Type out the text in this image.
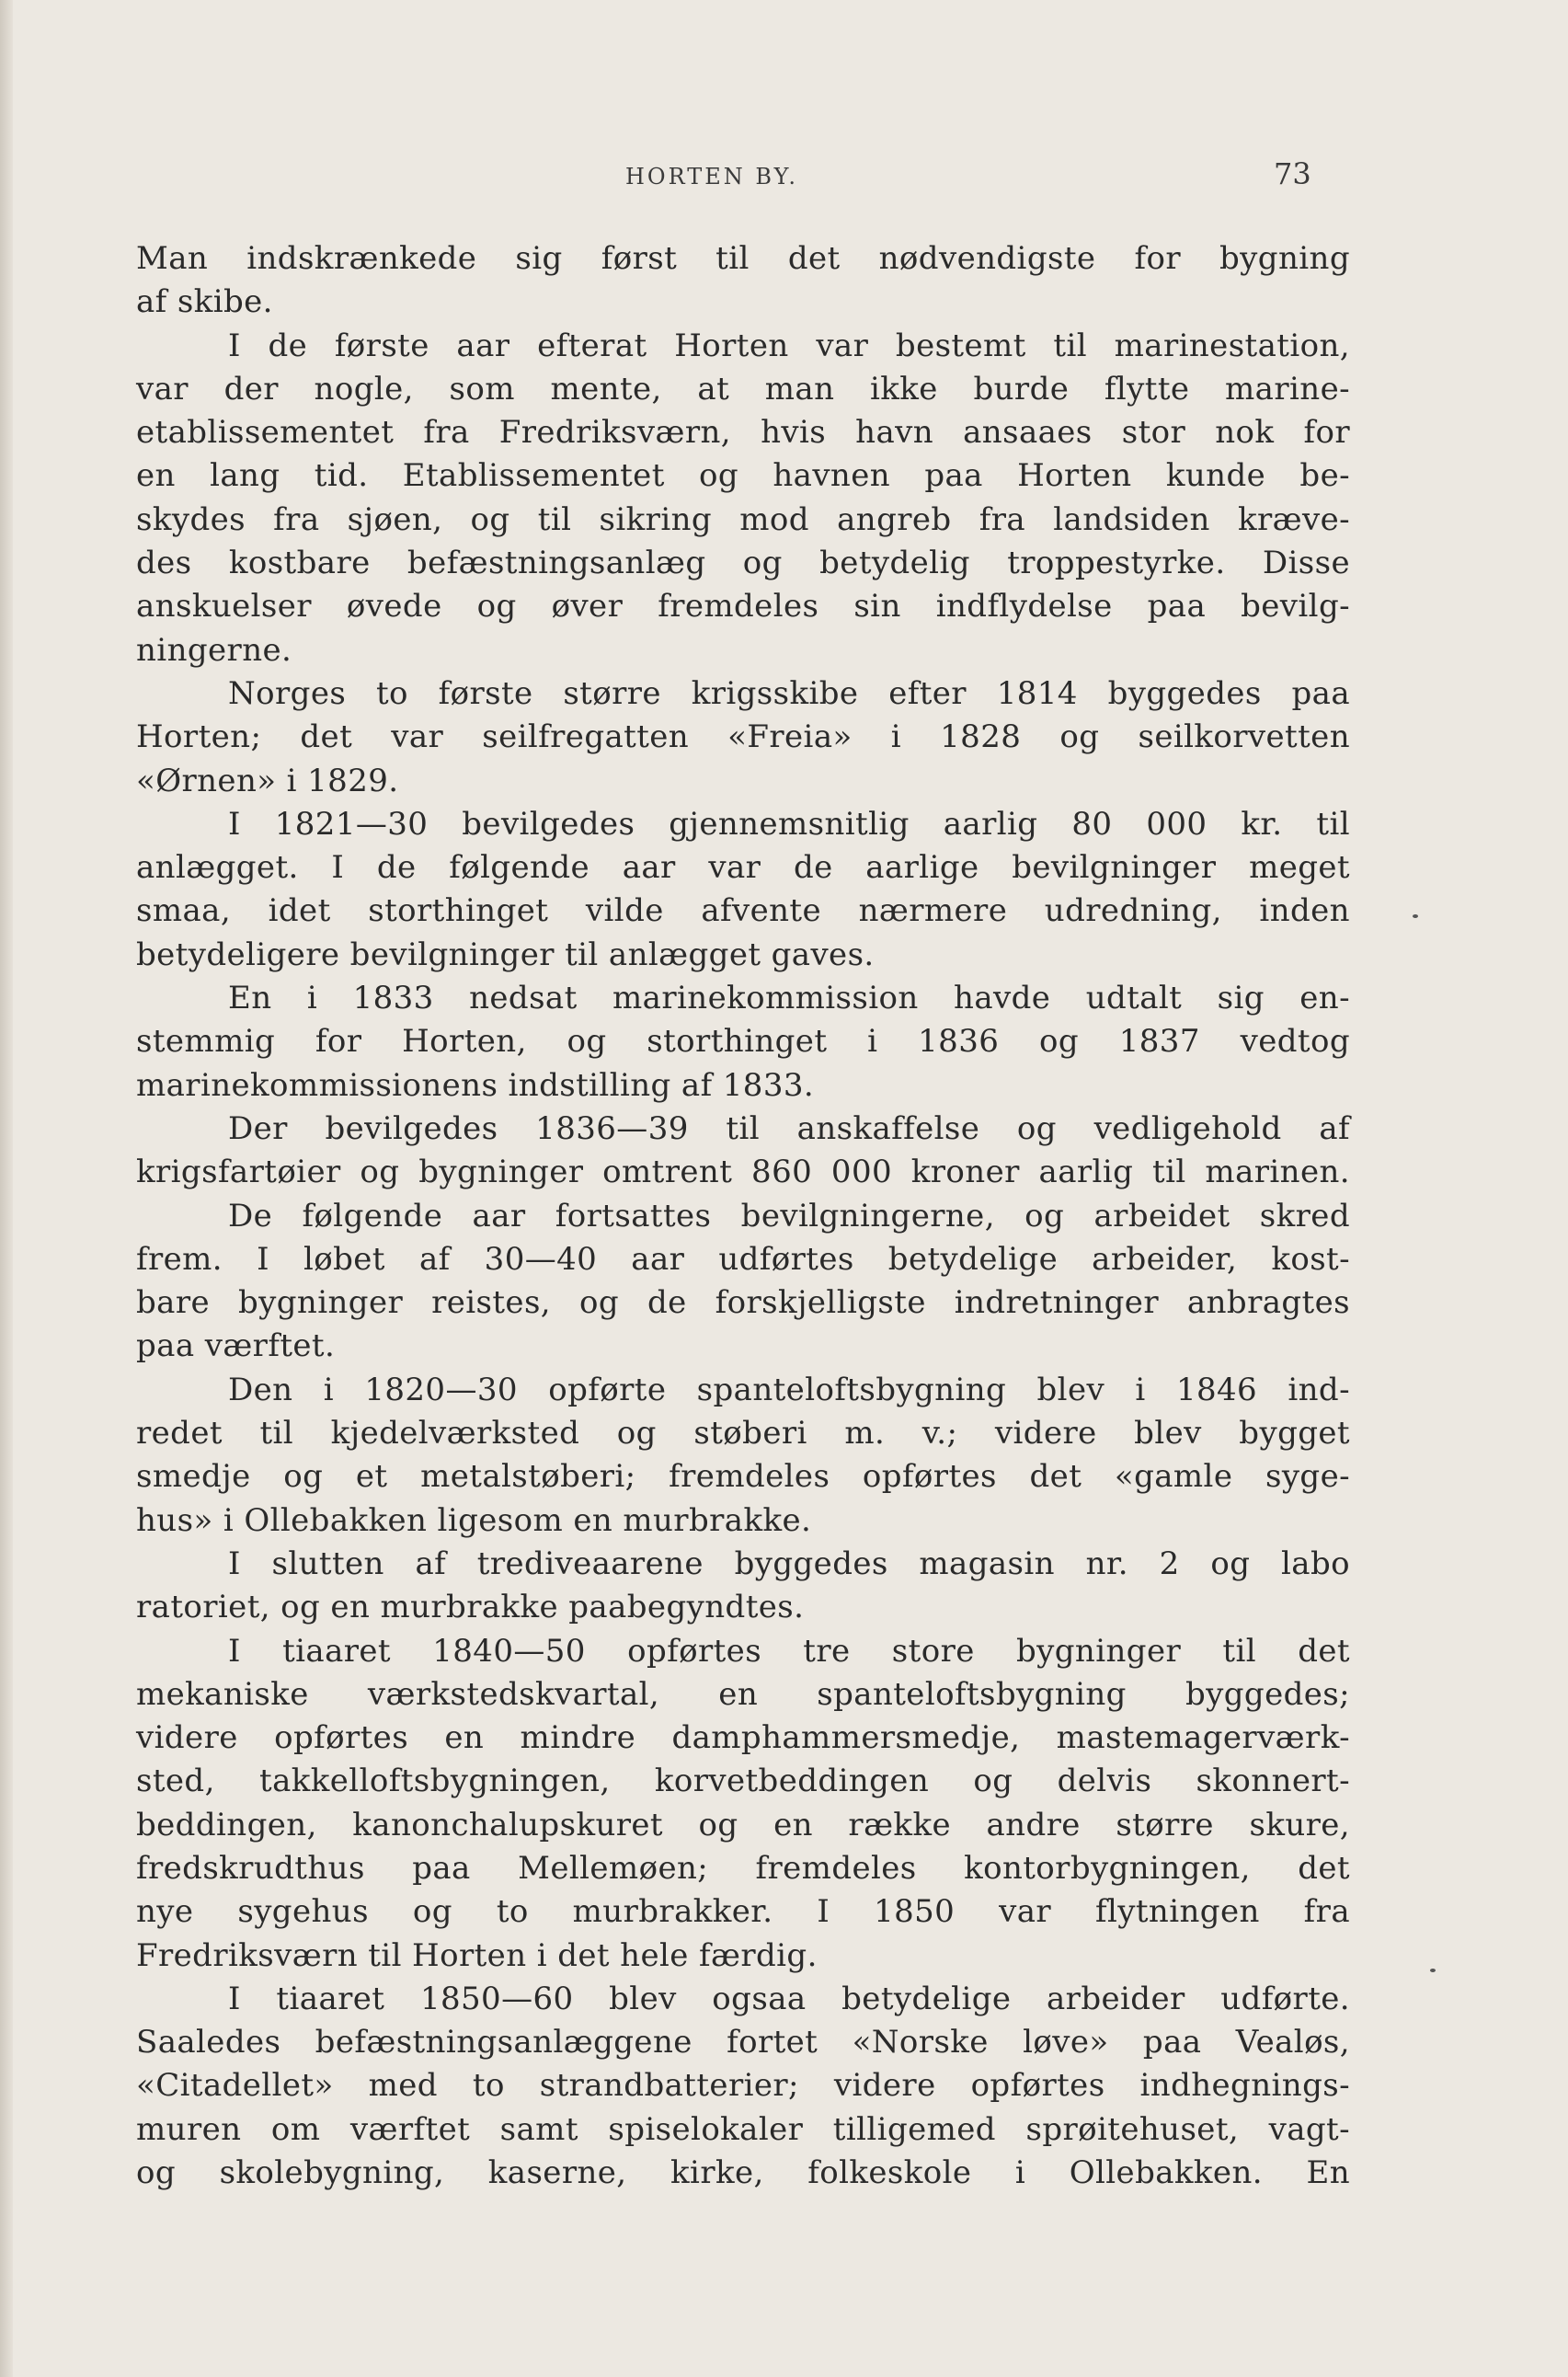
HORTEN BY.	73
Man indskrænkede sig først til det nødvendigste for bygning
af skibe.
I de første aar efterat Horten var bestemt til marinestation,
var der nogle, som mente, at man ikke burde flytte marine-
etablissementet fra Fredriksværn, hvis havn ansaaes stor nok for
en lang tid. Etablissementet og havnen paa Horten kunde be-
skydes fra sjøen, og til sikring mod angreb fra landsiden kræve-
des kostbare befæstningsanlæg og betydelig troppestyrke. Disse
anskuelser øvede og øver fremdeles sin indflydelse paa bevilg-
ningerne.
Norges to første større krigsskibe efter 1814 byggedes paa
Horten; det var seilfregatten «Freia» i 1828 og seilkorvetten
«Ørnen» i 1829.
I 1821—30 bevilgedes gjennemsnitlig aarlig 80 000 kr. til
anlægget. I de følgende aar var de aarlige bevilgninger meget
smaa, idet storthinget vilde afvente nærmere udredning, inden
betydeligere bevilgninger til anlægget gaves.
En i 1833 nedsat marinekommission havde udtalt sig en-
stemmig for Horten, og storthinget i 1836 og 1837 vedtog
marinekommissionens indstilling af 1833.
Der bevilgedes 1836—39 til anskaffelse og vedligehold af
krigsfartøier og bygninger omtrent 860 000 kroner aarlig til marinen.
De følgende aar fortsattes bevilgningerne, og arbeidet skred
frem. I løbet af 30—40 aar udførtes betydelige arbeider, kost-
bare bygninger reistes, og de forskjelligste indretninger anbragtes
paa værftet.
Den i 1820—30 opførte spanteloftsbygning blev i 1846 ind-
redet til kjedelværksted og støberi m. v.; videre blev bygget
smedje og et metalstøberi; fremdeles opførtes det «gamle syge-
hus» i Ollebakken ligesom en murbrakke.
I slutten af trediveaarene byggedes magasin nr. 2 og labo
ratoriet, og en murbrakke paabegyndtes.
I tiaaret 1840—50 opførtes tre store bygninger til det
mekaniske værkstedskvartal, en spanteloftsbygning byggedes;
videre opførtes en mindre damphammersmedje, mastemagerværk-
sted, takkelloftsbygningen, korvetbeddingen og delvis skonnert-
beddingen, kanonchalupskuret og en række andre større skure,
fredskrudthus paa Mellemøen; fremdeles kontorbygningen, det
nye sygehus og to murbrakker. I 1850 var flytningen fra
Fredriksværn til Horten i det hele færdig.
I tiaaret 1850—60 blev ogsaa betydelige arbeider udførte.
Saaledes befæstningsanlæggene fortet «Norske løve» paa Vealøs,
«Citadellet» med to strandbatterier; videre opførtes indhegnings-
muren om værftet samt spiselokaler tilligemed sprøitehuset, vagt-
og skolebygning, kaserne, kirke, folkeskole i Ollebakken. En
